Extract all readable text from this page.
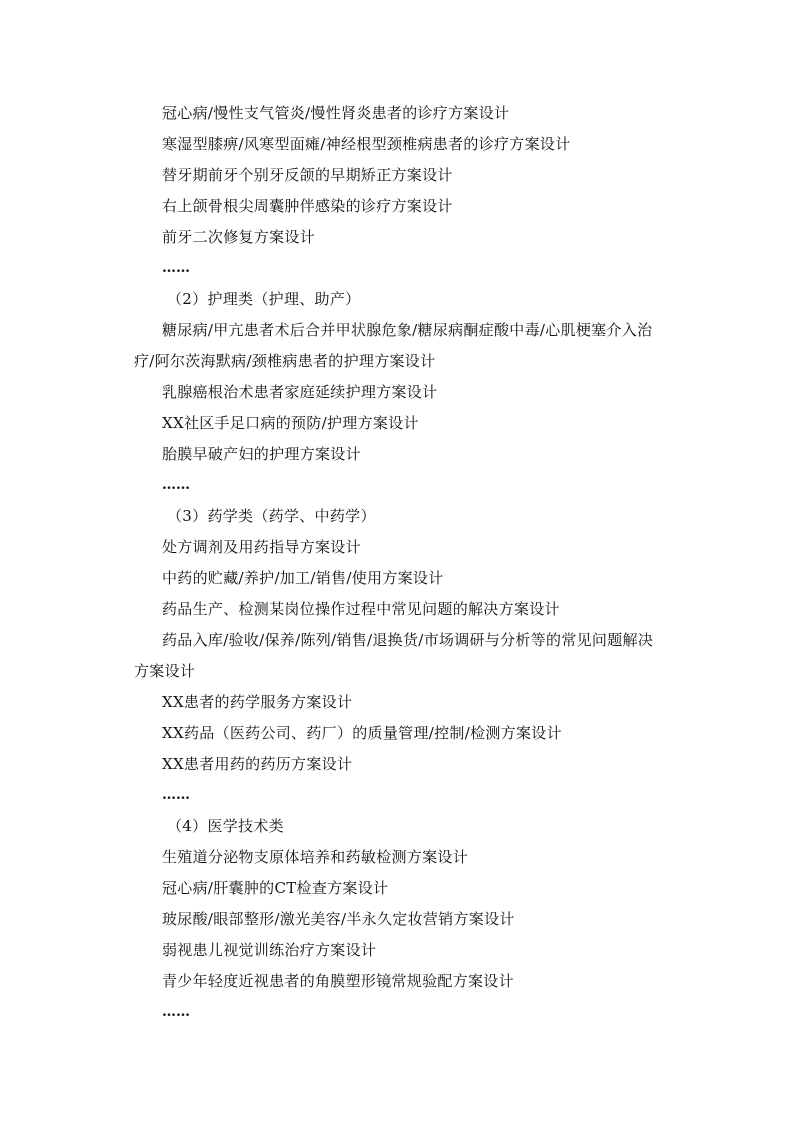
冠心病/慢性支气管炎/慢性肾炎患者的诊疗方案设计
寒湿型膝痹/风寒型面瘫/神经根型颈椎病患者的诊疗方案设计
替牙期前牙个别牙反颌的早期矫正方案设计
右上颌骨根尖周囊肿伴感染的诊疗方案设计
前牙二次修复方案设计
……
（2）护理类（护理、助产）
糖尿病/甲亢患者术后合并甲状腺危象/糖尿病酮症酸中毒/心肌梗塞介入治
疗/阿尔茨海默病/颈椎病患者的护理方案设计
乳腺癌根治术患者家庭延续护理方案设计
XX社区手足口病的预防/护理方案设计
胎膜早破产妇的护理方案设计
……
（3）药学类（药学、中药学）
处方调剂及用药指导方案设计
中药的贮藏/养护/加工/销售/使用方案设计
药品生产、检测某岗位操作过程中常见问题的解决方案设计
药品入库/验收/保养/陈列/销售/退换货/市场调研与分析等的常见问题解决
方案设计
XX患者的药学服务方案设计
XX药品（医药公司、药厂）的质量管理/控制/检测方案设计
XX患者用药的药历方案设计
……
（4）医学技术类
生殖道分泌物支原体培养和药敏检测方案设计
冠心病/肝囊肿的CT检查方案设计
玻尿酸/眼部整形/激光美容/半永久定妆营销方案设计
弱视患儿视觉训练治疗方案设计
青少年轻度近视患者的角膜塑形镜常规验配方案设计
……
